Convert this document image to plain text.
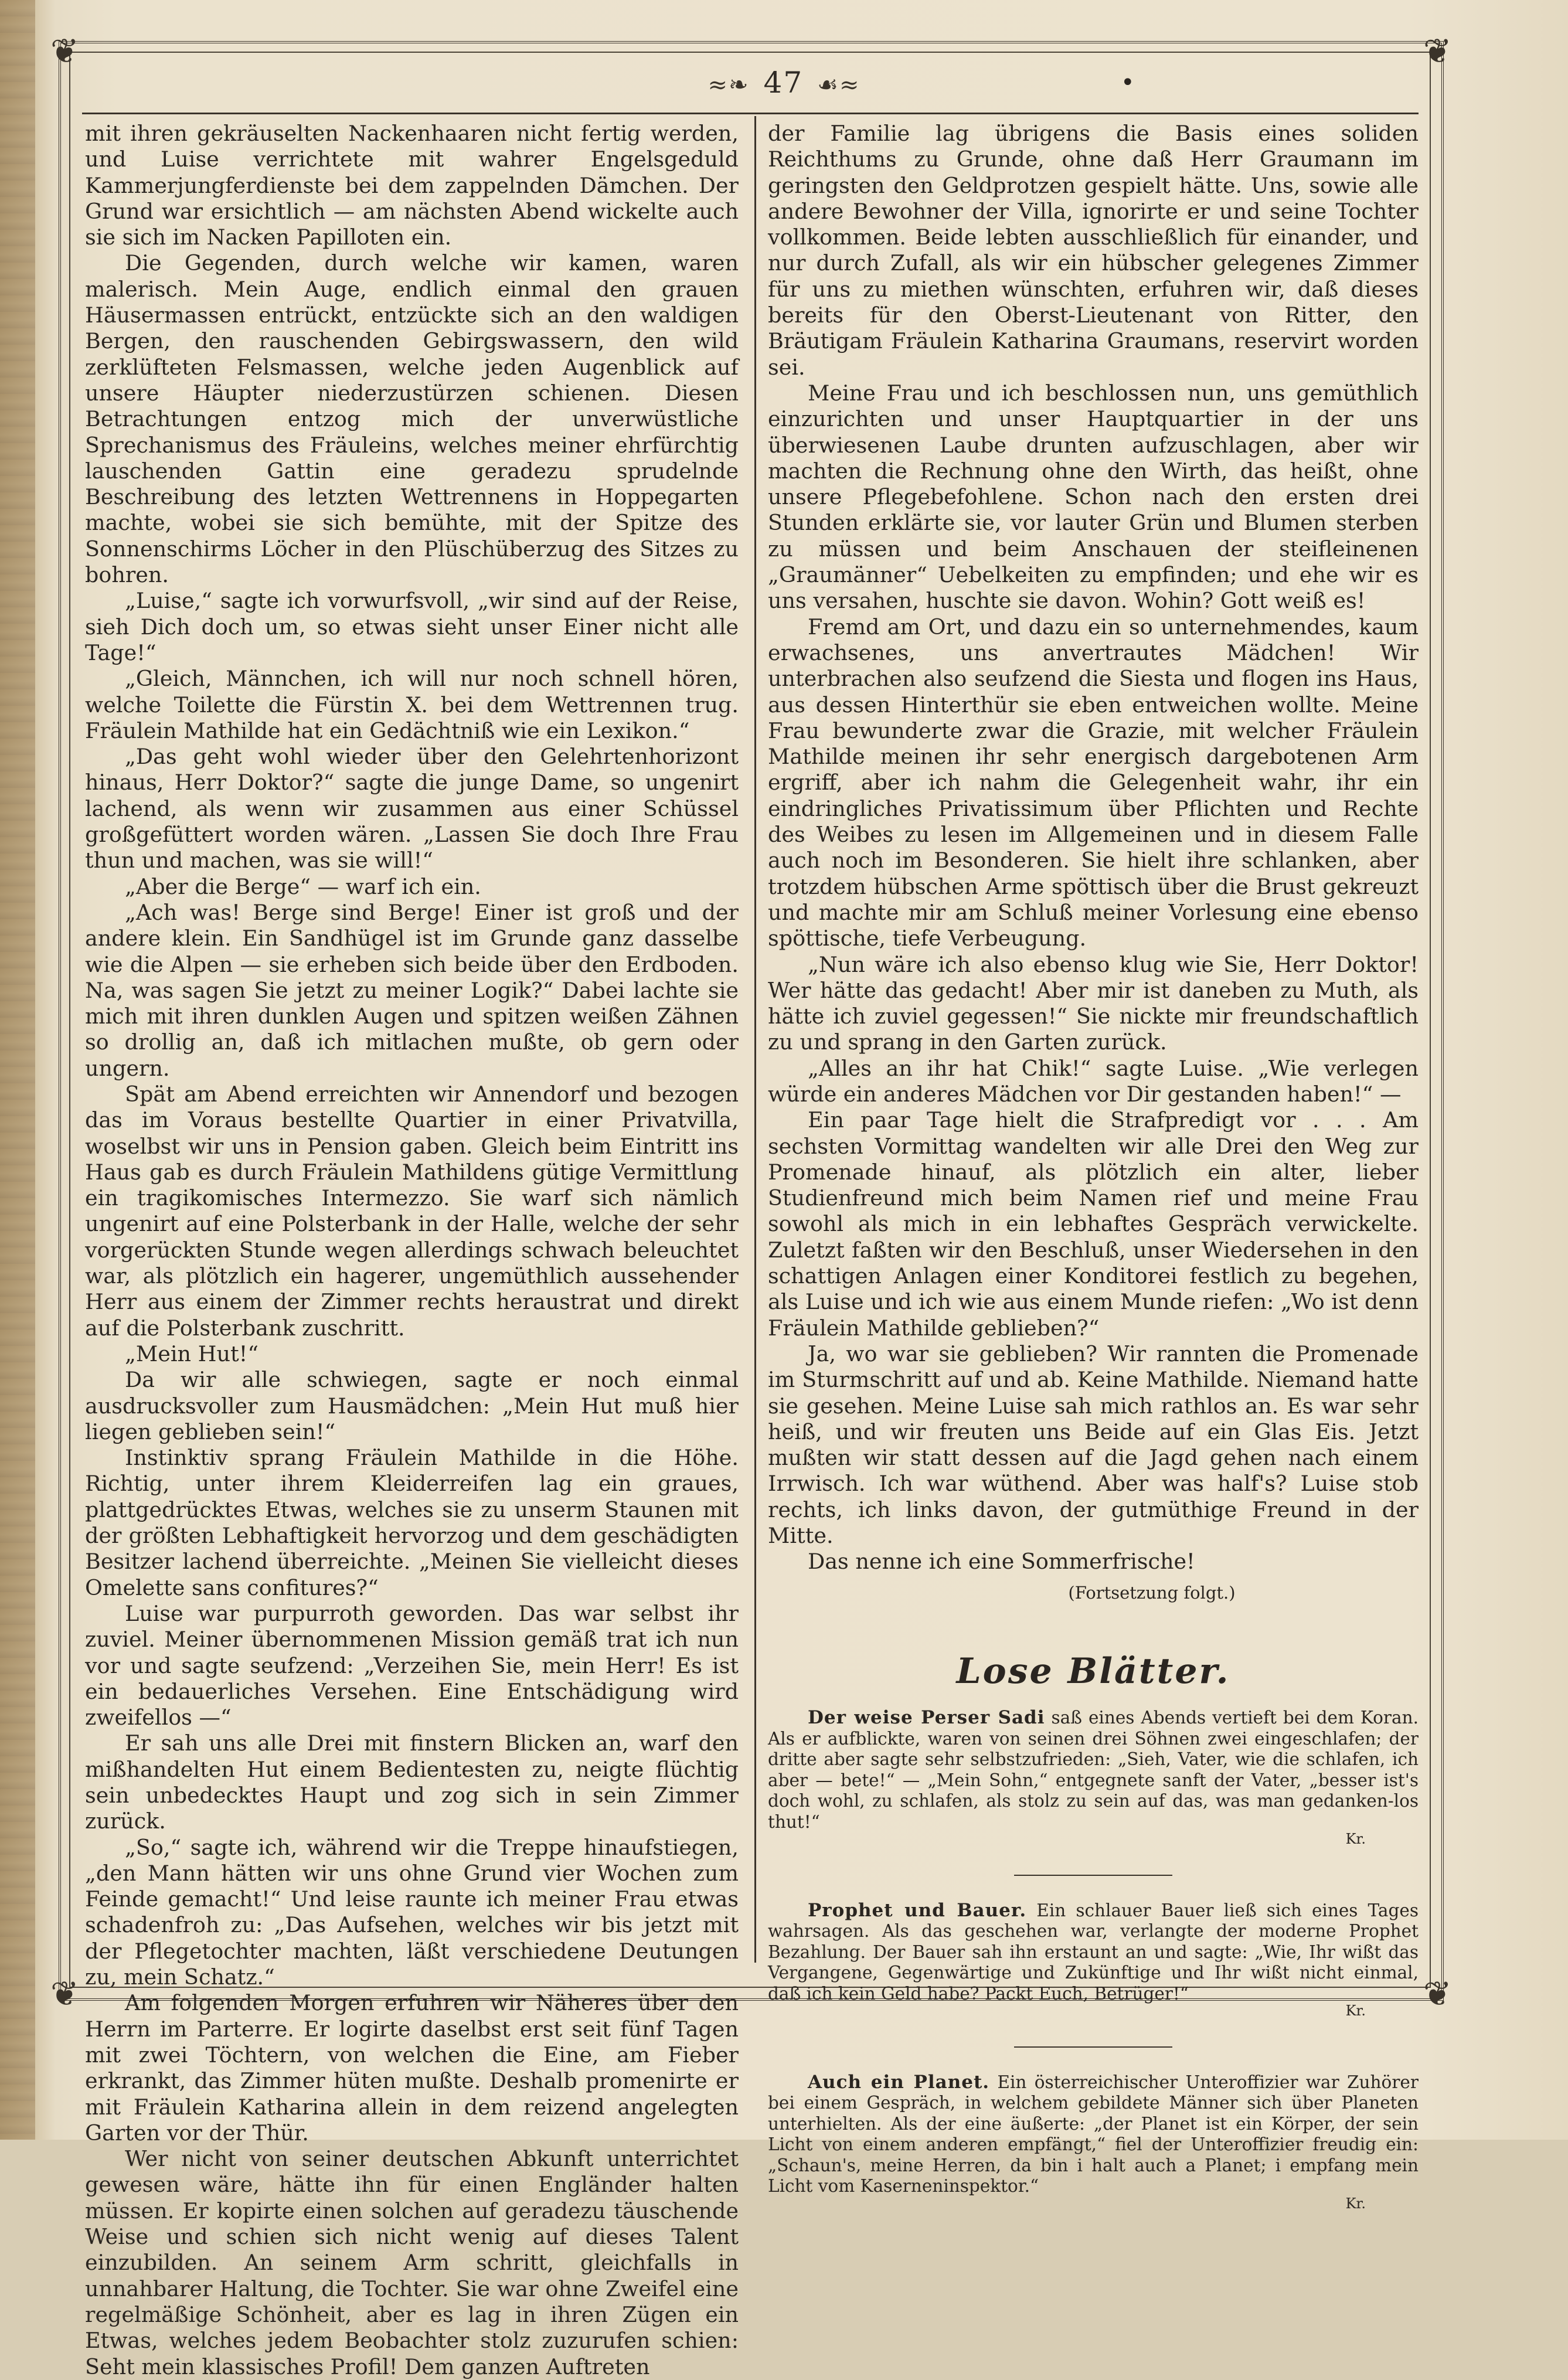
❦	❦
❦	❦
≈❧ 47 ☙≈	•

mit ihren gekräuselten Nackenhaaren nicht fertig werden, und Luise verrichtete mit wahrer Engelsgeduld Kammerjungferdienste bei dem zappelnden Dämchen. Der Grund war ersichtlich — am nächsten Abend wickelte auch sie sich im Nacken Papilloten ein.

Die Gegenden, durch welche wir kamen, waren malerisch. Mein Auge, endlich einmal den grauen Häusermassen entrückt, entzückte sich an den waldigen Bergen, den rauschenden Gebirgswassern, den wild zerklüfteten Felsmassen, welche jeden Augenblick auf unsere Häupter niederzustürzen schienen. Diesen Betrachtungen entzog mich der unverwüstliche Sprechanismus des Fräuleins, welches meiner ehrfürchtig lauschenden Gattin eine geradezu sprudelnde Beschreibung des letzten Wettrennens in Hoppegarten machte, wobei sie sich bemühte, mit der Spitze des Sonnenschirms Löcher in den Plüschüberzug des Sitzes zu bohren.

„Luise,“ sagte ich vorwurfsvoll, „wir sind auf der Reise, sieh Dich doch um, so etwas sieht unser Einer nicht alle Tage!“

„Gleich, Männchen, ich will nur noch schnell hören, welche Toilette die Fürstin X. bei dem Wettrennen trug. Fräulein Mathilde hat ein Gedächtniß wie ein Lexikon.“

„Das geht wohl wieder über den Gelehrtenhorizont hinaus, Herr Doktor?“ sagte die junge Dame, so ungenirt lachend, als wenn wir zusammen aus einer Schüssel großgefüttert worden wären. „Lassen Sie doch Ihre Frau thun und machen, was sie will!“

„Aber die Berge“ — warf ich ein.

„Ach was! Berge sind Berge! Einer ist groß und der andere klein. Ein Sandhügel ist im Grunde ganz dasselbe wie die Alpen — sie erheben sich beide über den Erdboden. Na, was sagen Sie jetzt zu meiner Logik?“ Dabei lachte sie mich mit ihren dunklen Augen und spitzen weißen Zähnen so drollig an, daß ich mitlachen mußte, ob gern oder ungern.

Spät am Abend erreichten wir Annendorf und bezogen das im Voraus bestellte Quartier in einer Privatvilla, woselbst wir uns in Pension gaben. Gleich beim Eintritt ins Haus gab es durch Fräulein Mathildens gütige Vermittlung ein tragikomisches Intermezzo. Sie warf sich nämlich ungenirt auf eine Polsterbank in der Halle, welche der sehr vorgerückten Stunde wegen allerdings schwach beleuchtet war, als plötzlich ein hagerer, ungemüthlich aussehender Herr aus einem der Zimmer rechts heraustrat und direkt auf die Polsterbank zuschritt.

„Mein Hut!“

Da wir alle schwiegen, sagte er noch einmal ausdrucksvoller zum Hausmädchen: „Mein Hut muß hier liegen geblieben sein!“

Instinktiv sprang Fräulein Mathilde in die Höhe. Richtig, unter ihrem Kleiderreifen lag ein graues, plattgedrücktes Etwas, welches sie zu unserm Staunen mit der größten Lebhaftigkeit hervorzog und dem geschädigten Besitzer lachend überreichte. „Meinen Sie vielleicht dieses Omelette sans confitures?“

Luise war purpurroth geworden. Das war selbst ihr zuviel. Meiner übernommenen Mission gemäß trat ich nun vor und sagte seufzend: „Verzeihen Sie, mein Herr! Es ist ein bedauerliches Versehen. Eine Entschädigung wird zweifellos —“

Er sah uns alle Drei mit finstern Blicken an, warf den mißhandelten Hut einem Bedientesten zu, neigte flüchtig sein unbedecktes Haupt und zog sich in sein Zimmer zurück.

„So,“ sagte ich, während wir die Treppe hinaufstiegen, „den Mann hätten wir uns ohne Grund vier Wochen zum Feinde gemacht!“ Und leise raunte ich meiner Frau etwas schadenfroh zu: „Das Aufsehen, welches wir bis jetzt mit der Pflegetochter machten, läßt verschiedene Deutungen zu, mein Schatz.“

Am folgenden Morgen erfuhren wir Näheres über den Herrn im Parterre. Er logirte daselbst erst seit fünf Tagen mit zwei Töchtern, von welchen die Eine, am Fieber erkrankt, das Zimmer hüten mußte. Deshalb promenirte er mit Fräulein Katharina allein in dem reizend angelegten Garten vor der Thür.

Wer nicht von seiner deutschen Abkunft unterrichtet gewesen wäre, hätte ihn für einen Engländer halten müssen. Er kopirte einen solchen auf geradezu täuschende Weise und schien sich nicht wenig auf dieses Talent einzubilden. An seinem Arm schritt, gleichfalls in unnahbarer Haltung, die Tochter. Sie war ohne Zweifel eine regelmäßige Schönheit, aber es lag in ihren Zügen ein Etwas, welches jedem Beobachter stolz zuzurufen schien: Seht mein klassisches Profil! Dem ganzen Auftreten

der Familie lag übrigens die Basis eines soliden Reichthums zu Grunde, ohne daß Herr Graumann im geringsten den Geldprotzen gespielt hätte. Uns, sowie alle andere Bewohner der Villa, ignorirte er und seine Tochter vollkommen. Beide lebten ausschließlich für einander, und nur durch Zufall, als wir ein hübscher gelegenes Zimmer für uns zu miethen wünschten, erfuhren wir, daß dieses bereits für den Oberst-Lieutenant von Ritter, den Bräutigam Fräulein Katharina Graumans, reservirt worden sei.

Meine Frau und ich beschlossen nun, uns gemüthlich einzurichten und unser Hauptquartier in der uns überwiesenen Laube drunten aufzuschlagen, aber wir machten die Rechnung ohne den Wirth, das heißt, ohne unsere Pflegebefohlene. Schon nach den ersten drei Stunden erklärte sie, vor lauter Grün und Blumen sterben zu müssen und beim Anschauen der steifleinenen „Graumänner“ Uebelkeiten zu empfinden; und ehe wir es uns versahen, huschte sie davon. Wohin? Gott weiß es!

Fremd am Ort, und dazu ein so unternehmendes, kaum erwachsenes, uns anvertrautes Mädchen! Wir unterbrachen also seufzend die Siesta und flogen ins Haus, aus dessen Hinterthür sie eben entweichen wollte. Meine Frau bewunderte zwar die Grazie, mit welcher Fräulein Mathilde meinen ihr sehr energisch dargebotenen Arm ergriff, aber ich nahm die Gelegenheit wahr, ihr ein eindringliches Privatissimum über Pflichten und Rechte des Weibes zu lesen im Allgemeinen und in diesem Falle auch noch im Besonderen. Sie hielt ihre schlanken, aber trotzdem hübschen Arme spöttisch über die Brust gekreuzt und machte mir am Schluß meiner Vorlesung eine ebenso spöttische, tiefe Verbeugung.

„Nun wäre ich also ebenso klug wie Sie, Herr Doktor! Wer hätte das gedacht! Aber mir ist daneben zu Muth, als hätte ich zuviel gegessen!“ Sie nickte mir freundschaftlich zu und sprang in den Garten zurück.

„Alles an ihr hat Chik!“ sagte Luise. „Wie verlegen würde ein anderes Mädchen vor Dir gestanden haben!“ —

Ein paar Tage hielt die Strafpredigt vor . . . Am sechsten Vormittag wandelten wir alle Drei den Weg zur Promenade hinauf, als plötzlich ein alter, lieber Studienfreund mich beim Namen rief und meine Frau sowohl als mich in ein lebhaftes Gespräch verwickelte. Zuletzt faßten wir den Beschluß, unser Wiedersehen in den schattigen Anlagen einer Konditorei festlich zu begehen, als Luise und ich wie aus einem Munde riefen: „Wo ist denn Fräulein Mathilde geblieben?“

Ja, wo war sie geblieben? Wir rannten die Promenade im Sturmschritt auf und ab. Keine Mathilde. Niemand hatte sie gesehen. Meine Luise sah mich rathlos an. Es war sehr heiß, und wir freuten uns Beide auf ein Glas Eis. Jetzt mußten wir statt dessen auf die Jagd gehen nach einem Irrwisch. Ich war wüthend. Aber was half's? Luise stob rechts, ich links davon, der gutmüthige Freund in der Mitte.

Das nenne ich eine Sommerfrische!

(Fortsetzung folgt.)
Lose Blätter.

Der weise Perser Sadi saß eines Abends vertieft bei dem Koran. Als er aufblickte, waren von seinen drei Söhnen zwei eingeschlafen; der dritte aber sagte sehr selbstzufrieden: „Sieh, Vater, wie die schlafen, ich aber — bete!“ — „Mein Sohn,“ entgegnete sanft der Vater, „besser ist's doch wohl, zu schlafen, als stolz zu sein auf das, was man gedanken-los thut!“
Kr.

Prophet und Bauer. Ein schlauer Bauer ließ sich eines Tages wahrsagen. Als das geschehen war, verlangte der moderne Prophet Bezahlung. Der Bauer sah ihn erstaunt an und sagte: „Wie, Ihr wißt das Vergangene, Gegenwärtige und Zukünftige und Ihr wißt nicht einmal, daß ich kein Geld habe? Packt Euch, Betrüger!“
Kr.

Auch ein Planet. Ein österreichischer Unteroffizier war Zuhörer bei einem Gespräch, in welchem gebildete Männer sich über Planeten unterhielten. Als der eine äußerte: „der Planet ist ein Körper, der sein Licht von einem anderen empfängt,“ fiel der Unteroffizier freudig ein: „Schaun's, meine Herren, da bin i halt auch a Planet; i empfang mein Licht vom Kaserneninspektor.“
Kr.
